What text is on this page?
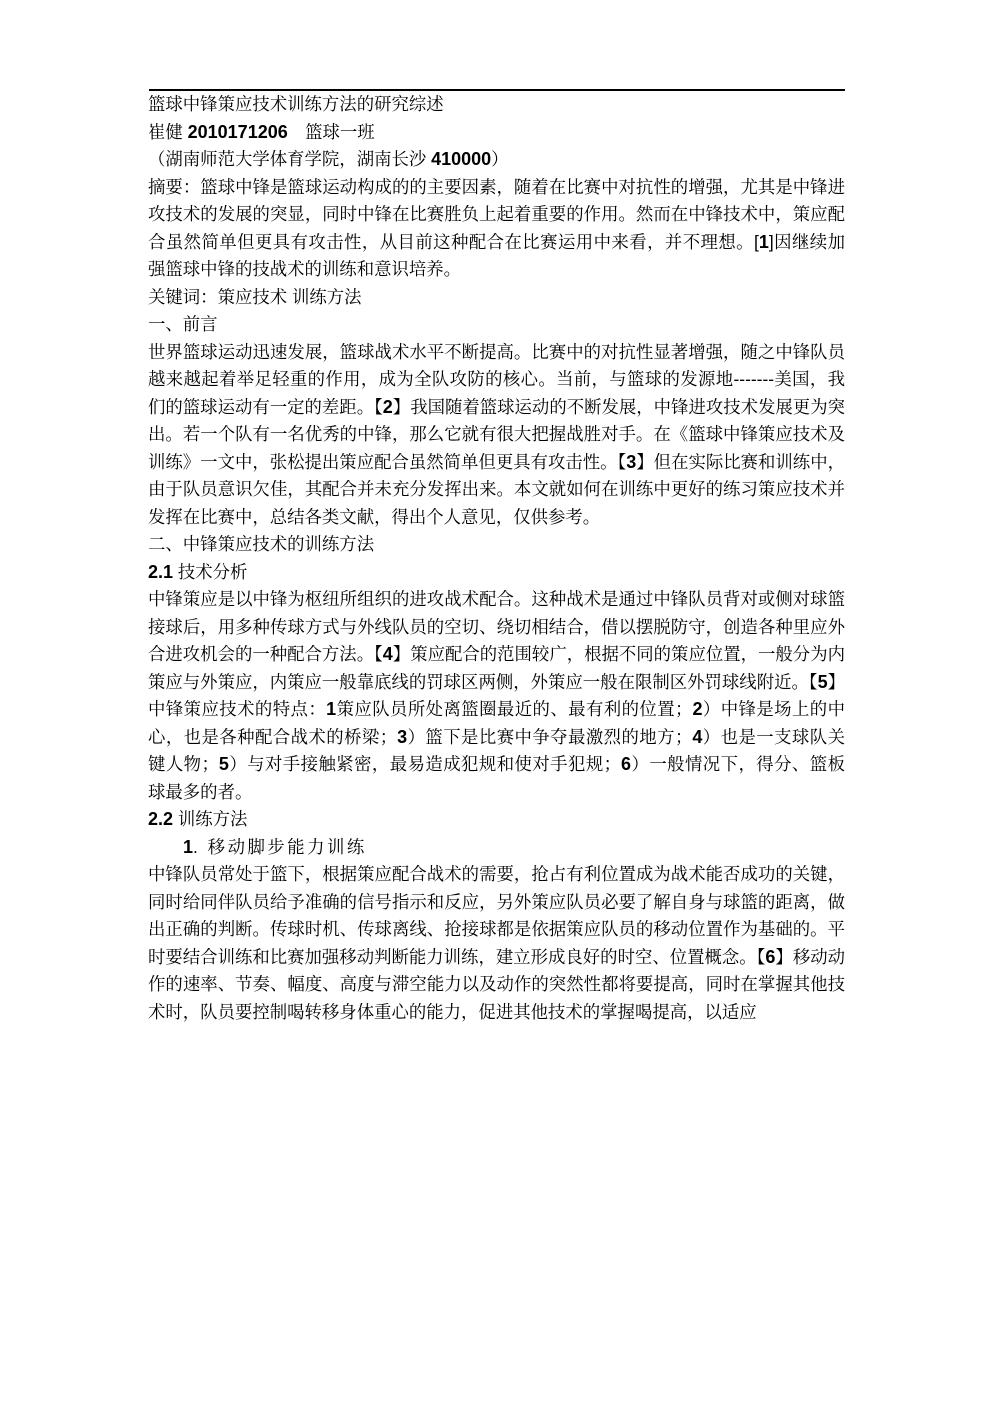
篮球中锋策应技术训练方法的研究综述

崔健 2010171206　篮球一班

（湖南师范大学体育学院，湖南长沙 410000）

摘要：篮球中锋是篮球运动构成的的主要因素，随着在比赛中对抗性的增强，尤其是中锋进攻技术的发展的突显，同时中锋在比赛胜负上起着重要的作用。然而在中锋技术中，策应配合虽然简单但更具有攻击性，从目前这种配合在比赛运用中来看，并不理想。[1]因继续加强篮球中锋的技战术的训练和意识培养。

关键词：策应技术 训练方法

一、前言

世界篮球运动迅速发展，篮球战术水平不断提高。比赛中的对抗性显著增强，随之中锋队员越来越起着举足轻重的作用，成为全队攻防的核心。当前，与篮球的发源地-------美国，我们的篮球运动有一定的差距。【2】我国随着篮球运动的不断发展，中锋进攻技术发展更为突出。若一个队有一名优秀的中锋，那么它就有很大把握战胜对手。在《篮球中锋策应技术及训练》一文中，张松提出策应配合虽然简单但更具有攻击性。【3】但在实际比赛和训练中，由于队员意识欠佳，其配合并未充分发挥出来。本文就如何在训练中更好的练习策应技术并发挥在比赛中，总结各类文献，得出个人意见，仅供参考。

二、中锋策应技术的训练方法
2.1 技术分析

中锋策应是以中锋为枢纽所组织的进攻战术配合。这种战术是通过中锋队员背对或侧对球篮接球后，用多种传球方式与外线队员的空切、绕切相结合，借以摆脱防守，创造各种里应外合进攻机会的一种配合方法。【4】策应配合的范围较广，根据不同的策应位置，一般分为内策应与外策应，内策应一般靠底线的罚球区两侧，外策应一般在限制区外罚球线附近。【5】中锋策应技术的特点：1策应队员所处离篮圈最近的、最有利的位置；2）中锋是场上的中心，也是各种配合战术的桥梁；3）篮下是比赛中争夺最激烈的地方；4）也是一支球队关键人物；5）与对手接触紧密，最易造成犯规和使对手犯规；6）一般情况下，得分、篮板球最多的者。

2.2 训练方法

1. 移动脚步能力训练

中锋队员常处于篮下，根据策应配合战术的需要，抢占有利位置成为战术能否成功的关键，同时给同伴队员给予准确的信号指示和反应，另外策应队员必要了解自身与球篮的距离，做出正确的判断。传球时机、传球离线、抢接球都是依据策应队员的移动位置作为基础的。平时要结合训练和比赛加强移动判断能力训练，建立形成良好的时空、位置概念。【6】移动动作的速率、节奏、幅度、高度与滞空能力以及动作的突然性都将要提高，同时在掌握其他技术时，队员要控制喝转移身体重心的能力，促进其他技术的掌握喝提高，以适应
